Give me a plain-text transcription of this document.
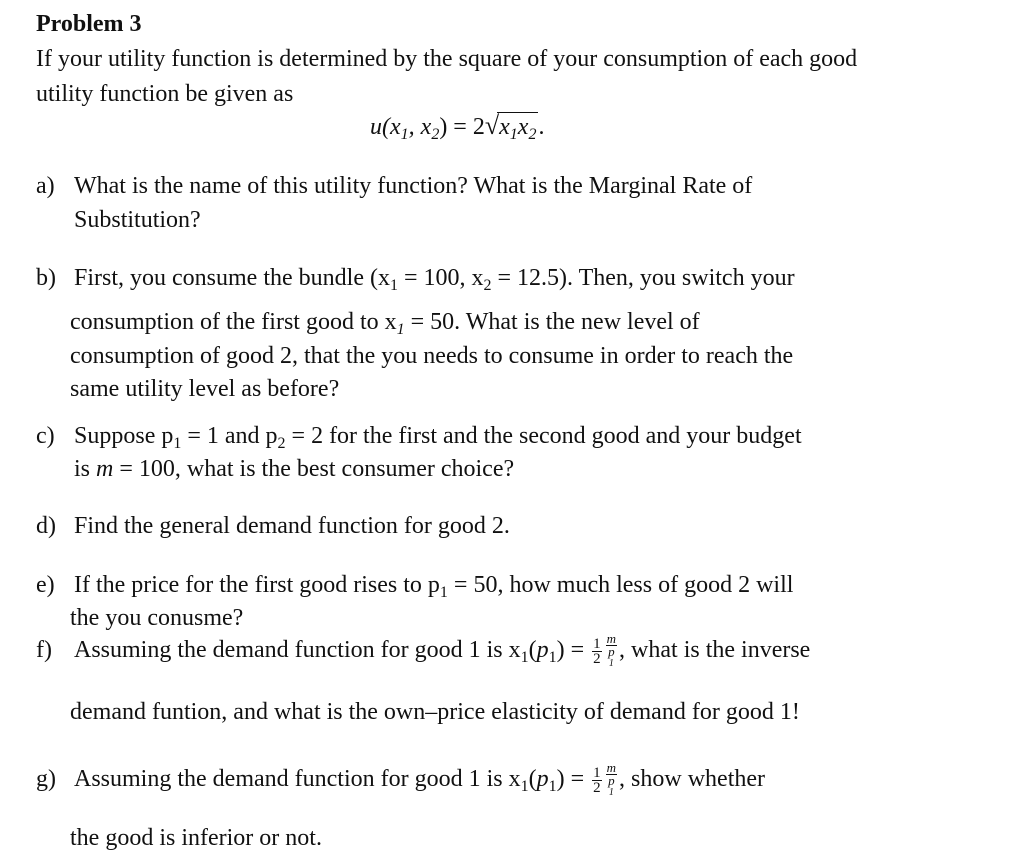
Problem 3
If your utility function is determined by the square of your consumption of each good
utility function be given as
$u(x_1$, $x_2) = 2√x_1x_2$.
a) What is the name of this utility function? What is the Marginal Rate of
Substitution?
b) First, you consume the bundle ($x_1 = 100$, $x_2 = 12.5$). Then, you switch your
consumption of the first good to $x_1 = 50$. What is the new level of
consumption of good 2, that the you needs to consume in order to reach the
same utility level as before?
c) Suppose $p_1 = 1$ and $p_2 = 2$ for the first and the second good and your budget
is m = 100, what is the best consumer choice?
d) Find the general demand function for good 2.
e) If the price for the first good rises to $p_1 = 50$, how much less of good 2 will
the you conusme?
f) Assuming the demand function for good 1 is $x_1(p_1) = \frac{1}{2}$ m
p
1 , what is the inverse
demand funtion, and what is the own–price elasticity of demand for good 1!
g) Assuming the demand function for good 1 is $x_1(p_1) = \frac{1}{2}$ m
p
1 , show whether
the good is inferior or not.
